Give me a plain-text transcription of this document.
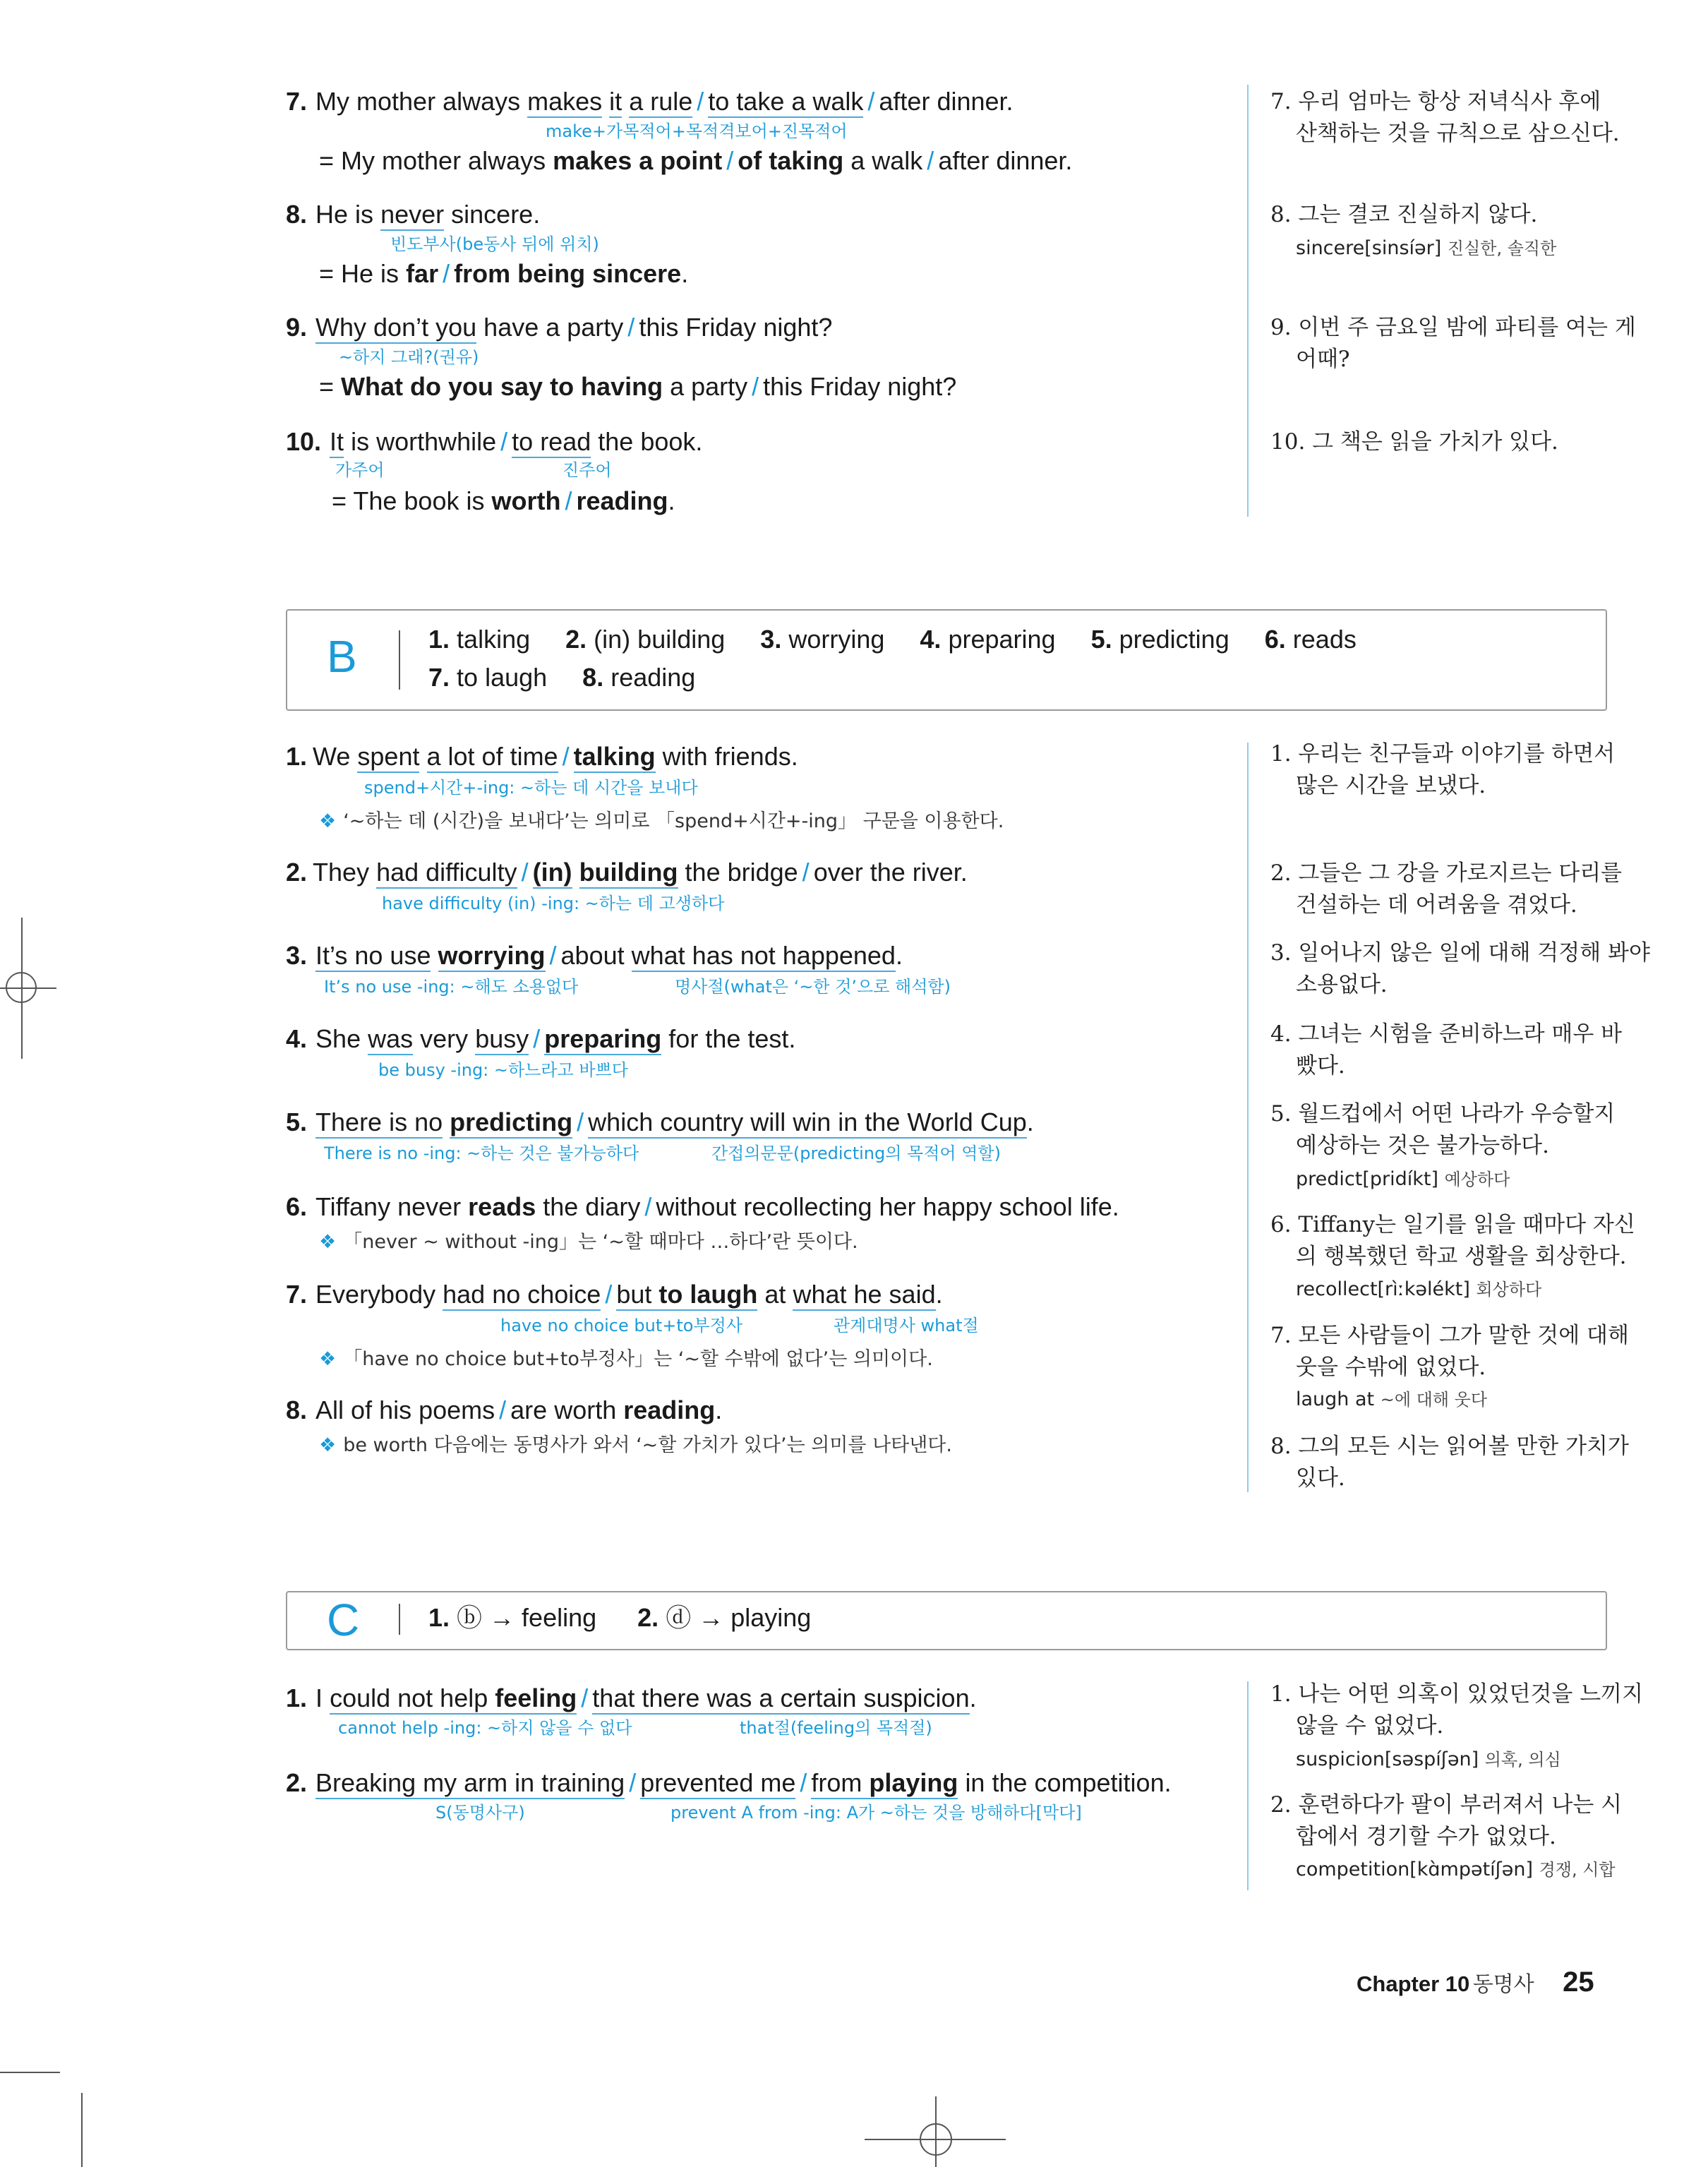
7. My mother always makes it a rule / to take a walk / after dinner.
make+가목적어+목적격보어+진목적어
= My mother always makes a point / of taking a walk / after dinner.
7. 우리 엄마는 항상 저녁식사 후에
산책하는 것을 규칙으로 삼으신다.
8. He is never sincere.
빈도부사(be동사 뒤에 위치)
= He is far / from being sincere.
8. 그는 결코 진실하지 않다.
sincere[sinsíər] 진실한, 솔직한
9. Why don’t you have a party / this Friday night?
~하지 그래?(권유)
= What do you say to having a party / this Friday night?
9. 이번 주 금요일 밤에 파티를 여는 게
어때?
10. It is worthwhile / to read the book.
가주어	진주어
= The book is worth / reading.
10. 그 책은 읽을 가치가 있다.
B	1. talking 2. (in) building 3. worrying 4. preparing 5. predicting 6. reads
7. to laugh 8. reading
1. We spent a lot of time / talking with friends.
spend+시간+-ing: ~하는 데 시간을 보내다
❖ ‘~하는 데 (시간)을 보내다’는 의미로 「spend+시간+-ing」 구문을 이용한다.
1. 우리는 친구들과 이야기를 하면서
많은 시간을 보냈다.
2. They had difficulty / (in) building the bridge / over the river.
have difficulty (in) -ing: ~하는 데 고생하다
2. 그들은 그 강을 가로지르는 다리를
건설하는 데 어려움을 겪었다.
3. It’s no use worrying / about what has not happened.
It’s no use -ing: ~해도 소용없다	명사절(what은 ‘~한 것’으로 해석함)
3. 일어나지 않은 일에 대해 걱정해 봐야
소용없다.
4. She was very busy / preparing for the test.
be busy -ing: ~하느라고 바쁘다
4. 그녀는 시험을 준비하느라 매우 바
빴다.
5. There is no predicting / which country will win in the World Cup.
There is no -ing: ~하는 것은 불가능하다	간접의문문(predicting의 목적어 역할)
5. 월드컵에서 어떤 나라가 우승할지
예상하는 것은 불가능하다.
predict[pridíkt] 예상하다
6. Tiffany never reads the diary / without recollecting her happy school life.
❖ 「never ~ without -ing」는 ‘~할 때마다 …하다’란 뜻이다.
6. Tiffany는 일기를 읽을 때마다 자신
의 행복했던 학교 생활을 회상한다.
recollect[rìːkəlékt] 회상하다
7. Everybody had no choice / but to laugh at what he said.
have no choice but+to부정사	관계대명사 what절
❖ 「have no choice but+to부정사」는 ‘~할 수밖에 없다’는 의미이다.
7. 모든 사람들이 그가 말한 것에 대해
웃을 수밖에 없었다.
laugh at ~에 대해 웃다
8. All of his poems / are worth reading.
❖ be worth 다음에는 동명사가 와서 ‘~할 가치가 있다’는 의미를 나타낸다.	8. 그의 모든 시는 읽어볼 만한 가치가
있다.
C	1. ⓑ → feeling 2. ⓓ → playing
1. I could not help feeling / that there was a certain suspicion.
cannot help -ing: ~하지 않을 수 없다	that절(feeling의 목적절)
1. 나는 어떤 의혹이 있었던것을 느끼지
않을 수 없었다.
suspicion[səspíʃən] 의혹, 의심
2. Breaking my arm in training / prevented me / from playing in the competition.
S(동명사구)	prevent A from -ing: A가 ~하는 것을 방해하다[막다]	2. 훈련하다가 팔이 부러져서 나는 시
합에서 경기할 수가 없었다.
competition[kɑ̀mpətíʃən] 경쟁, 시합
Chapter 10 동명사 25
